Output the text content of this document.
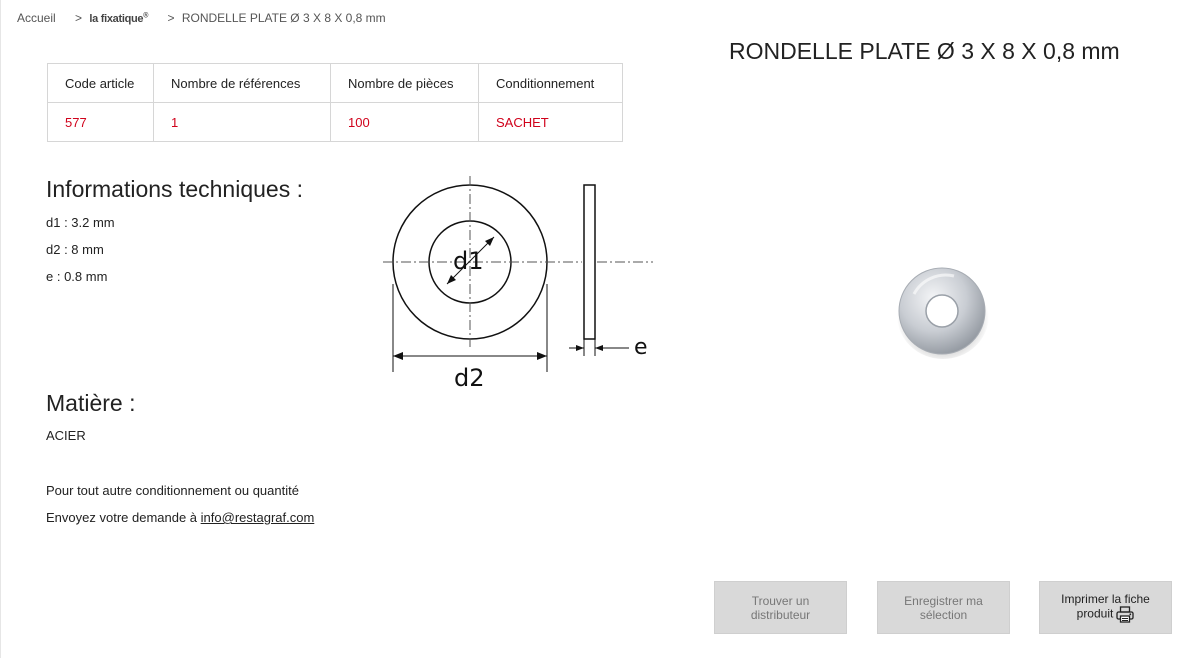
Accueil > la fixatique® > RONDELLE PLATE Ø 3 X 8 X 0,8 mm
RONDELLE PLATE Ø 3 X 8 X 0,8 mm
Code article	Nombre de références	Nombre de pièces	Conditionnement
577	1	100	SACHET
Informations techniques :
d1 : 3.2 mm
d2 : 8 mm
e : 0.8 mm
Matière :
ACIER
Pour tout autre conditionnement ou quantité
Envoyez votre demande à info@restagraf.com
d1
d2
e
Trouver un distributeur
Enregistrer ma sélection
Imprimer la fiche produit
